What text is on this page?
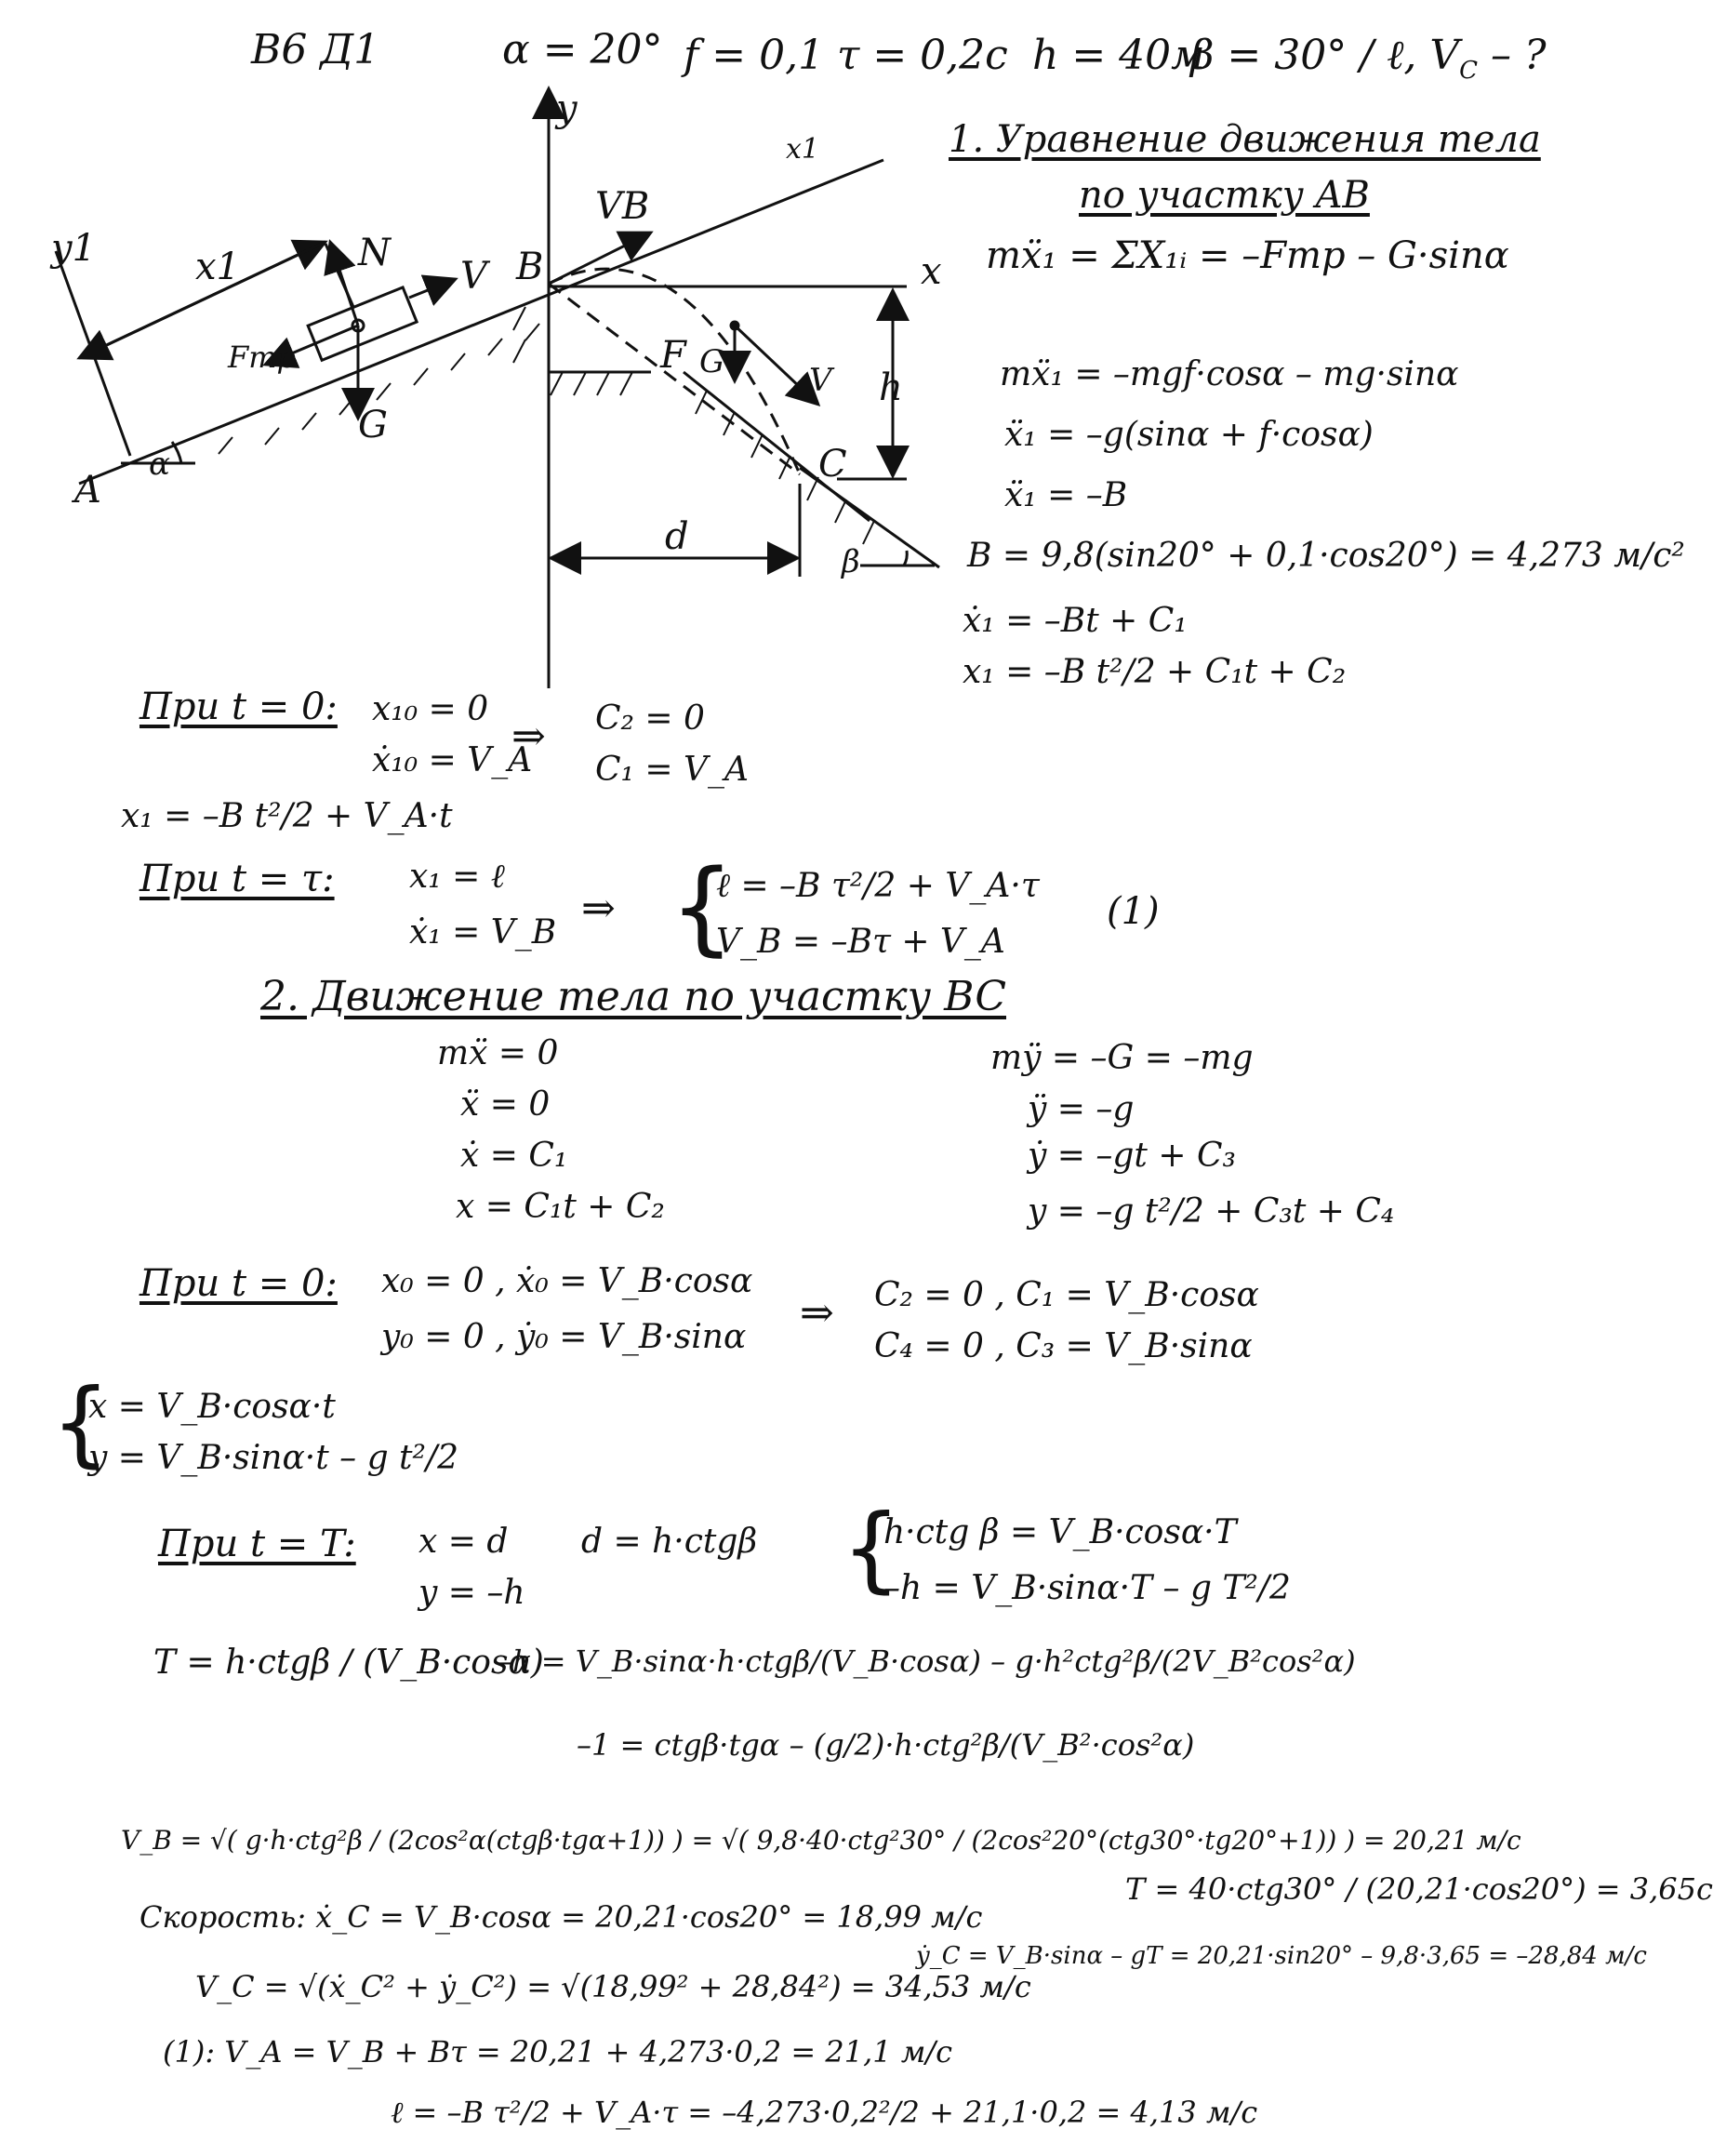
В6 Д1	α = 20° f = 0,1 τ = 0,2c h = 40м
β = 30° / ℓ, $V_C$ – ?
A
B
C
F
x
y
x1
y1
x1
N
V
G
Fтр
VB
G	V h
d
α
β
1. Уравнение движения тела
по участку AB
mẍ₁ = ΣX₁ᵢ = –Fтр – G·sinα
mẍ₁ = –mgf·cosα – mg·sinα
ẍ₁ = –g(sinα + f·cosα)
ẍ₁ = –B
B = 9,8(sin20° + 0,1·cos20°) = 4,273 м/с²
ẋ₁ = –Bt + C₁
x₁ = –B t²/2 + C₁t + C₂
При t = 0: x₁₀ = 0
ẋ₁₀ = V_A
⇒ C₂ = 0
C₁ = V_A
x₁ = –B t²/2 + V_A·t
При t = τ: x₁ = ℓ
ẋ₁ = V_B
⇒ {
ℓ = –B τ²/2 + V_A·τ
V_B = –Bτ + V_A
(1)
2. Движение тела по участку BC
mẍ = 0
ẍ = 0
ẋ = C₁
x = C₁t + C₂
mÿ = –G = –mg
ÿ = –g
ẏ = –gt + C₃
y = –g t²/2 + C₃t + C₄
При t = 0: x₀ = 0 , ẋ₀ = V_B·cosα
y₀ = 0 , ẏ₀ = V_B·sinα
⇒ C₂ = 0 , C₁ = V_B·cosα
C₄ = 0 , C₃ = V_B·sinα
{
x = V_B·cosα·t
y = V_B·sinα·t – g t²/2
При t = T: x = d
y = –h
d = h·ctgβ {
h·ctg β = V_B·cosα·T
–h = V_B·sinα·T – g T²/2
T = h·ctgβ / (V_B·cosα)
–h = V_B·sinα·h·ctgβ/(V_B·cosα) – g·h²ctg²β/(2V_B²cos²α)
–1 = ctgβ·tgα – (g/2)·h·ctg²β/(V_B²·cos²α)
V_B = √( g·h·ctg²β / (2cos²α(ctgβ·tgα+1)) ) = √( 9,8·40·ctg²30° / (2cos²20°(ctg30°·tg20°+1)) ) = 20,21 м/с
T = 40·ctg30° / (20,21·cos20°) = 3,65c
Скорость: ẋ_C = V_B·cosα = 20,21·cos20° = 18,99 м/с
ẏ_C = V_B·sinα – gT = 20,21·sin20° – 9,8·3,65 = –28,84 м/с
V_C = √(ẋ_C² + ẏ_C²) = √(18,99² + 28,84²) = 34,53 м/с
(1): V_A = V_B + Bτ = 20,21 + 4,273·0,2 = 21,1 м/с
ℓ = –B τ²/2 + V_A·τ = –4,273·0,2²/2 + 21,1·0,2 = 4,13 м/с
